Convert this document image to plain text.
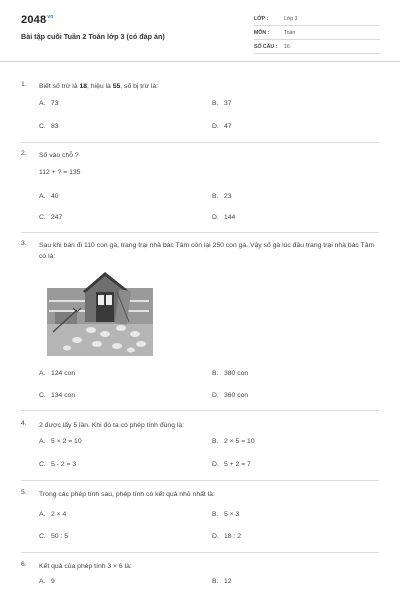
$2048^{vn}$
Bài tập cuối Tuần 2 Toán lớp 3 (có đáp án)
LỚP :	Lớp 3
MÔN :	Toán
SỐ CÂU : 16
1. Biết số trừ là 18, hiệu là 55, số bị trừ là:
A. 73	B. 37
C. 83	D. 47
2. Số vào chỗ ?
112 + ? = 135
A. 40	B. 23
C. 247	D. 144
3. Sau khi bán đi 110 con gà, trang trại nhà bác Tâm còn lại 250 con gà. Vậy số gà lúc đầu trang trại nhà bác Tâm có là:
A. 124 con	B. 380 con
C. 134 con	D. 360 con
4. 2 được lấy 5 lần. Khi đó ta có phép tính đúng là:
A. 5 × 2 = 10	B. 2 × 5 = 10
C. 5 - 2 = 3	D. 5 + 2 = 7
5. Trong các phép tính sau, phép tính có kết quả nhỏ nhất là:
A. 2 × 4	B. 5 × 3
C. 50 : 5	D. 18 : 2
6. Kết quả của phép tính 3 × 6 là:
A. 9	B. 12
